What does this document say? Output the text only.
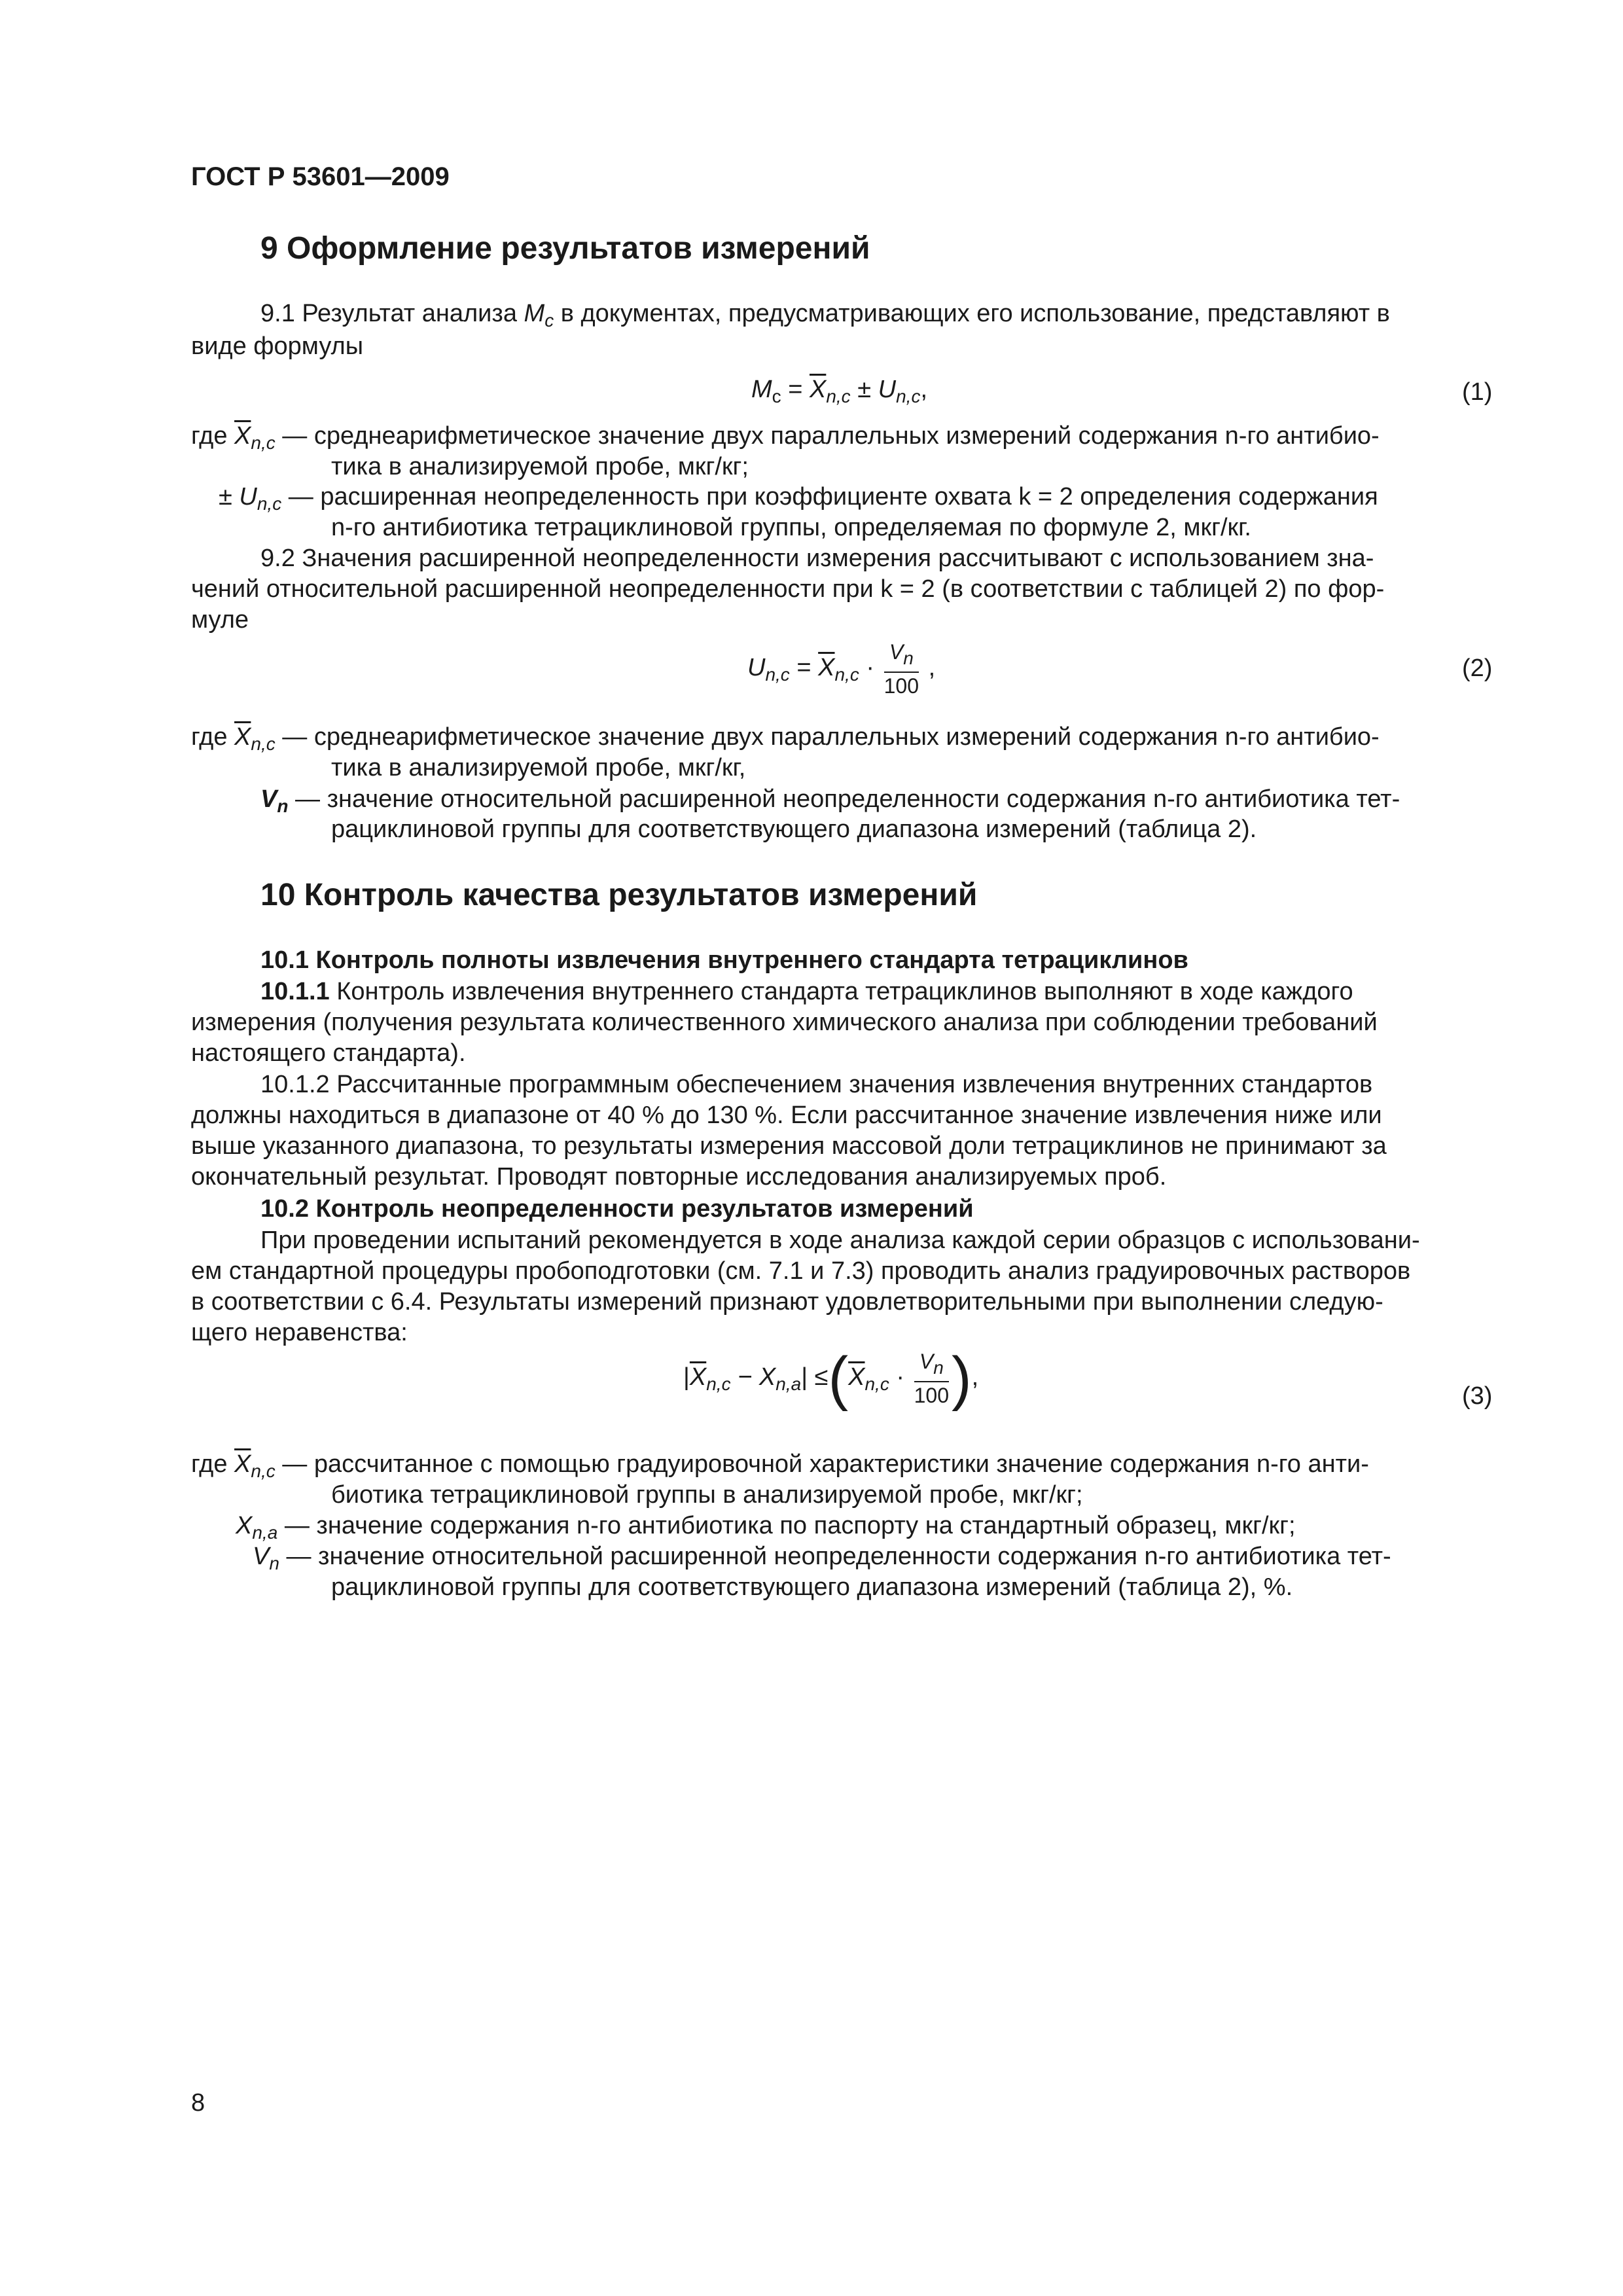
ГОСТ Р 53601—2009
9 Оформление результатов измерений
9.1 Результат анализа $M_c$ в документах, предусматривающих его использование, представляют в
виде формулы
$M_c = \overline{X}_{n,c} \pm U_{n,c}$,	(1)
где $\overline{X}_{n,c}$ — среднеарифметическое значение двух параллельных измерений содержания n-го антибио-
тика в анализируемой пробе, мкг/кг;
± $U_{n,c}$ — расширенная неопределенность при коэффициенте охвата k = 2 определения содержания
n-го антибиотика тетрациклиновой группы, определяемая по формуле 2, мкг/кг.
9.2 Значения расширенной неопределенности измерения рассчитывают с использованием зна-
чений относительной расширенной неопределенности при k = 2 (в соответствии с таблицей 2) по фор-
муле
$U_{n,c} = \overline{X}_{n,c} \cdot \frac{Vn}{100}$ ,	(2)
где $\overline{X}_{n,c}$ — среднеарифметическое значение двух параллельных измерений содержания n-го антибио-
тика в анализируемой пробе, мкг/кг,
$V_n$ — значение относительной расширенной неопределенности содержания n-го антибиотика тет-
рациклиновой группы для соответствующего диапазона измерений (таблица 2).
10 Контроль качества результатов измерений
10.1 Контроль полноты извлечения внутреннего стандарта тетрациклинов
10.1.1 Контроль извлечения внутреннего стандарта тетрациклинов выполняют в ходе каждого
измерения (получения результата количественного химического анализа при соблюдении требований
настоящего стандарта).
10.1.2 Рассчитанные программным обеспечением значения извлечения внутренних стандартов
должны находиться в диапазоне от 40 % до 130 %. Если рассчитанное значение извлечения ниже или
выше указанного диапазона, то результаты измерения массовой доли тетрациклинов не принимают за
окончательный результат. Проводят повторные исследования анализируемых проб.
10.2 Контроль неопределенности результатов измерений
При проведении испытаний рекомендуется в ходе анализа каждой серии образцов с использовани-
ем стандартной процедуры пробоподготовки (см. 7.1 и 7.3) проводить анализ градуировочных растворов
в соответствии с 6.4. Результаты измерений признают удовлетворительными при выполнении следую-
щего неравенства:
$|\overline{X}_{n,c} - X_{n,a}| \le(\overline{X}_{n,c} \cdot \frac{Vn}{100}$ ),
(3)
где $\overline{X}_{n,c}$ — рассчитанное с помощью градуировочной характеристики значение содержания n-го анти-
биотика тетрациклиновой группы в анализируемой пробе, мкг/кг;
$X_{n,a}$ — значение содержания n-го антибиотика по паспорту на стандартный образец, мкг/кг;
$V_n$ — значение относительной расширенной неопределенности содержания n-го антибиотика тет-
рациклиновой группы для соответствующего диапазона измерений (таблица 2), %.
8
